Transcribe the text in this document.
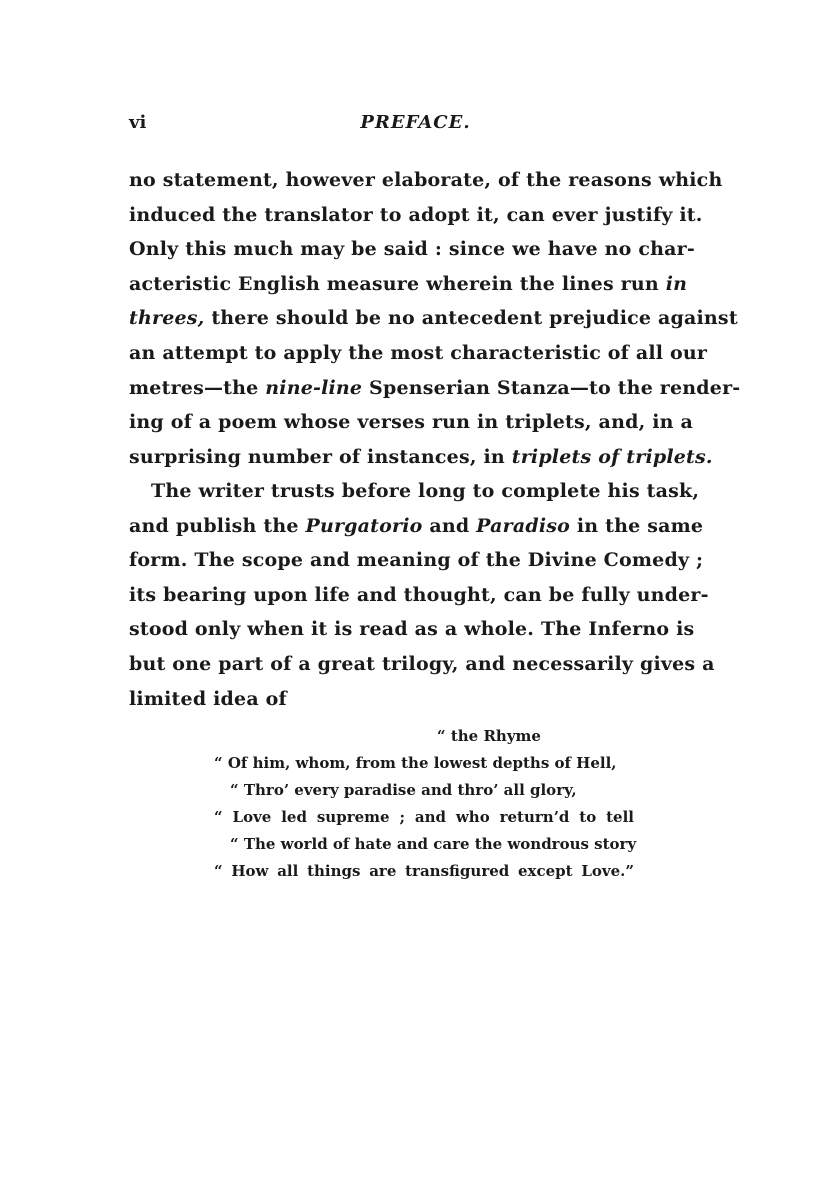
vi	PREFACE.
no statement, however elaborate, of the reasons which
induced the translator to adopt it, can ever justify it.
Only this much may be said : since we have no char-
acteristic English measure wherein the lines run in
threes, there should be no antecedent prejudice against
an attempt to apply the most characteristic of all our
metres—the nine-line Spenserian Stanza—to the render-
ing of a poem whose verses run in triplets, and, in a
surprising number of instances, in triplets of triplets.
The writer trusts before long to complete his task,
and publish the Purgatorio and Paradiso in the same
form. The scope and meaning of the Divine Comedy ;
its bearing upon life and thought, can be fully under-
stood only when it is read as a whole. The Inferno is
but one part of a great trilogy, and necessarily gives a
limited idea of
“ the Rhyme
“ Of him, whom, from the lowest depths of Hell,
“ Thro’ every paradise and thro’ all glory,
“ Love led supreme ; and who return’d to tell
“ The world of hate and care the wondrous story
“ How all things are transfigured except Love.”
